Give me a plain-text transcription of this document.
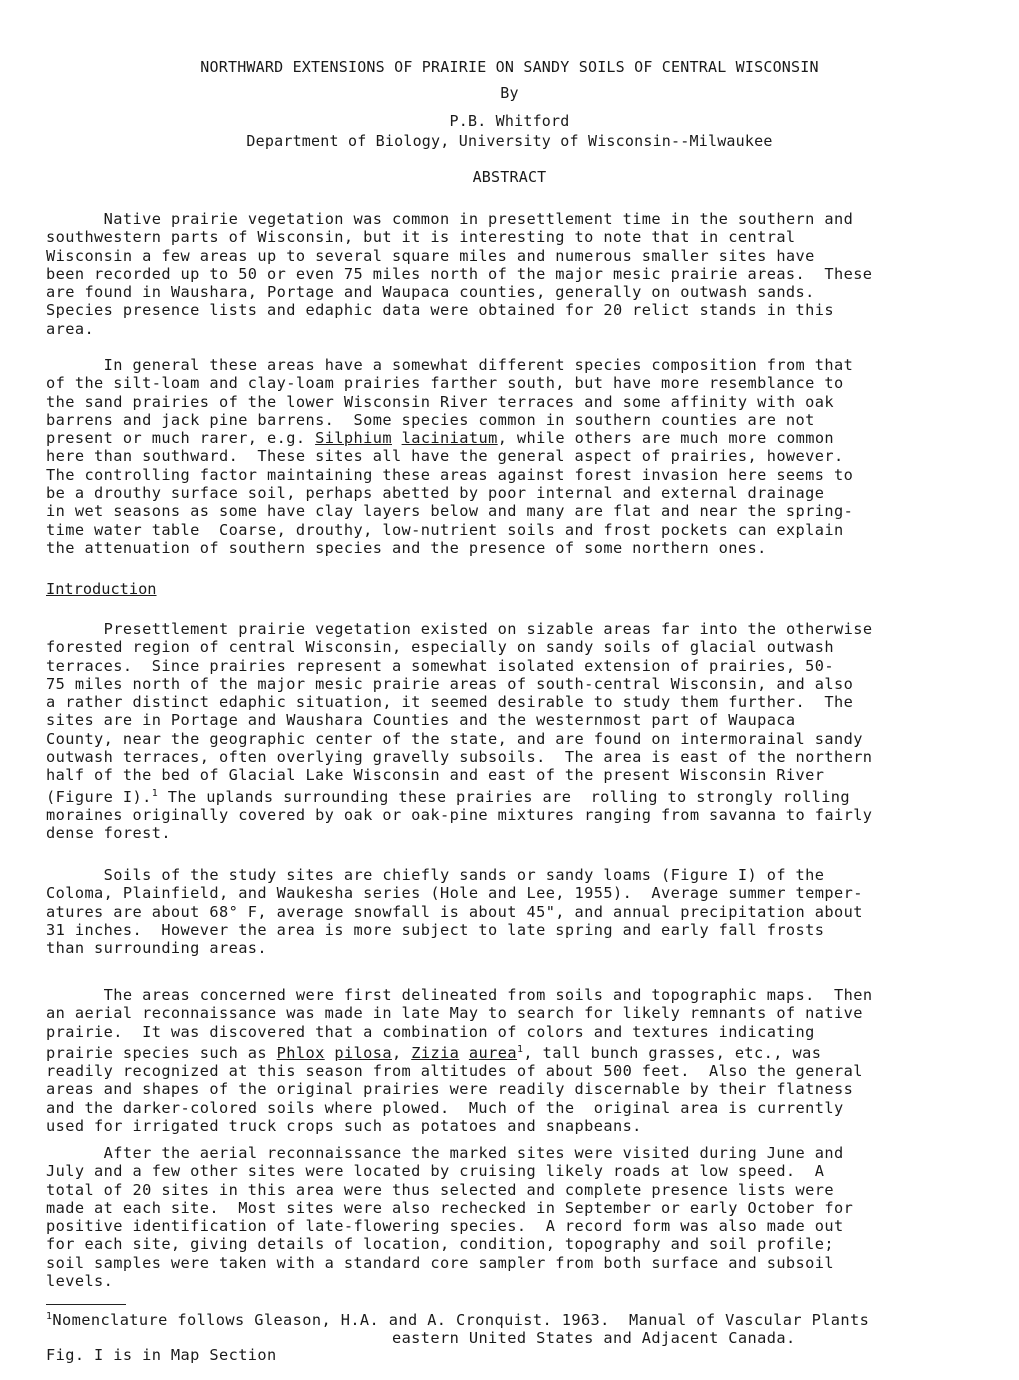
NORTHWARD EXTENSIONS OF PRAIRIE ON SANDY SOILS OF CENTRAL WISCONSIN
By
P.B. Whitford
Department of Biology, University of Wisconsin--Milwaukee
ABSTRACT

Native prairie vegetation was common in presettlement time in the southern and
southwestern parts of Wisconsin, but it is interesting to note that in central
Wisconsin a few areas up to several square miles and numerous smaller sites have
been recorded up to 50 or even 75 miles north of the major mesic prairie areas.  These
are found in Waushara, Portage and Waupaca counties, generally on outwash sands.
Species presence lists and edaphic data were obtained for 20 relict stands in this
area.

In general these areas have a somewhat different species composition from that
of the silt-loam and clay-loam prairies farther south, but have more resemblance to
the sand prairies of the lower Wisconsin River terraces and some affinity with oak
barrens and jack pine barrens.  Some species common in southern counties are not
present or much rarer, e.g. Silphium laciniatum, while others are much more common
here than southward.  These sites all have the general aspect of prairies, however.
The controlling factor maintaining these areas against forest invasion here seems to
be a drouthy surface soil, perhaps abetted by poor internal and external drainage
in wet seasons as some have clay layers below and many are flat and near the spring-
time water table  Coarse, drouthy, low-nutrient soils and frost pockets can explain
the attenuation of southern species and the presence of some northern ones.

Introduction

Presettlement prairie vegetation existed on sizable areas far into the otherwise
forested region of central Wisconsin, especially on sandy soils of glacial outwash
terraces.  Since prairies represent a somewhat isolated extension of prairies, 50-
75 miles north of the major mesic prairie areas of south-central Wisconsin, and also
a rather distinct edaphic situation, it seemed desirable to study them further.  The
sites are in Portage and Waushara Counties and the westernmost part of Waupaca
County, near the geographic center of the state, and are found on intermorainal sandy
outwash terraces, often overlying gravelly subsoils.  The area is east of the northern
half of the bed of Glacial Lake Wisconsin and east of the present Wisconsin River
(Figure I).$^1$ The uplands surrounding these prairies are  rolling to strongly rolling
moraines originally covered by oak or oak-pine mixtures ranging from savanna to fairly
dense forest.

Soils of the study sites are chiefly sands or sandy loams (Figure I) of the
Coloma, Plainfield, and Waukesha series (Hole and Lee, 1955).  Average summer temper-
atures are about 68° F, average snowfall is about 45", and annual precipitation about
31 inches.  However the area is more subject to late spring and early fall frosts
than surrounding areas.

The areas concerned were first delineated from soils and topographic maps.  Then
an aerial reconnaissance was made in late May to search for likely remnants of native
prairie.  It was discovered that a combination of colors and textures indicating
prairie species such as Phlox pilosa, Zizia aurea$^1$, tall bunch grasses, etc., was
readily recognized at this season from altitudes of about 500 feet.  Also the general
areas and shapes of the original prairies were readily discernable by their flatness
and the darker-colored soils where plowed.  Much of the  original area is currently
used for irrigated truck crops such as potatoes and snapbeans.

After the aerial reconnaissance the marked sites were visited during June and
July and a few other sites were located by cruising likely roads at low speed.  A
total of 20 sites in this area were thus selected and complete presence lists were
made at each site.  Most sites were also rechecked in September or early October for
positive identification of late-flowering species.  A record form was also made out
for each site, giving details of location, condition, topography and soil profile;
soil samples were taken with a standard core sampler from both surface and subsoil
levels.

$^1$Nomenclature follows Gleason, H.A. and A. Cronquist. 1963.  Manual of Vascular Plants
eastern United States and Adjacent Canada.
Fig. I is in Map Section
